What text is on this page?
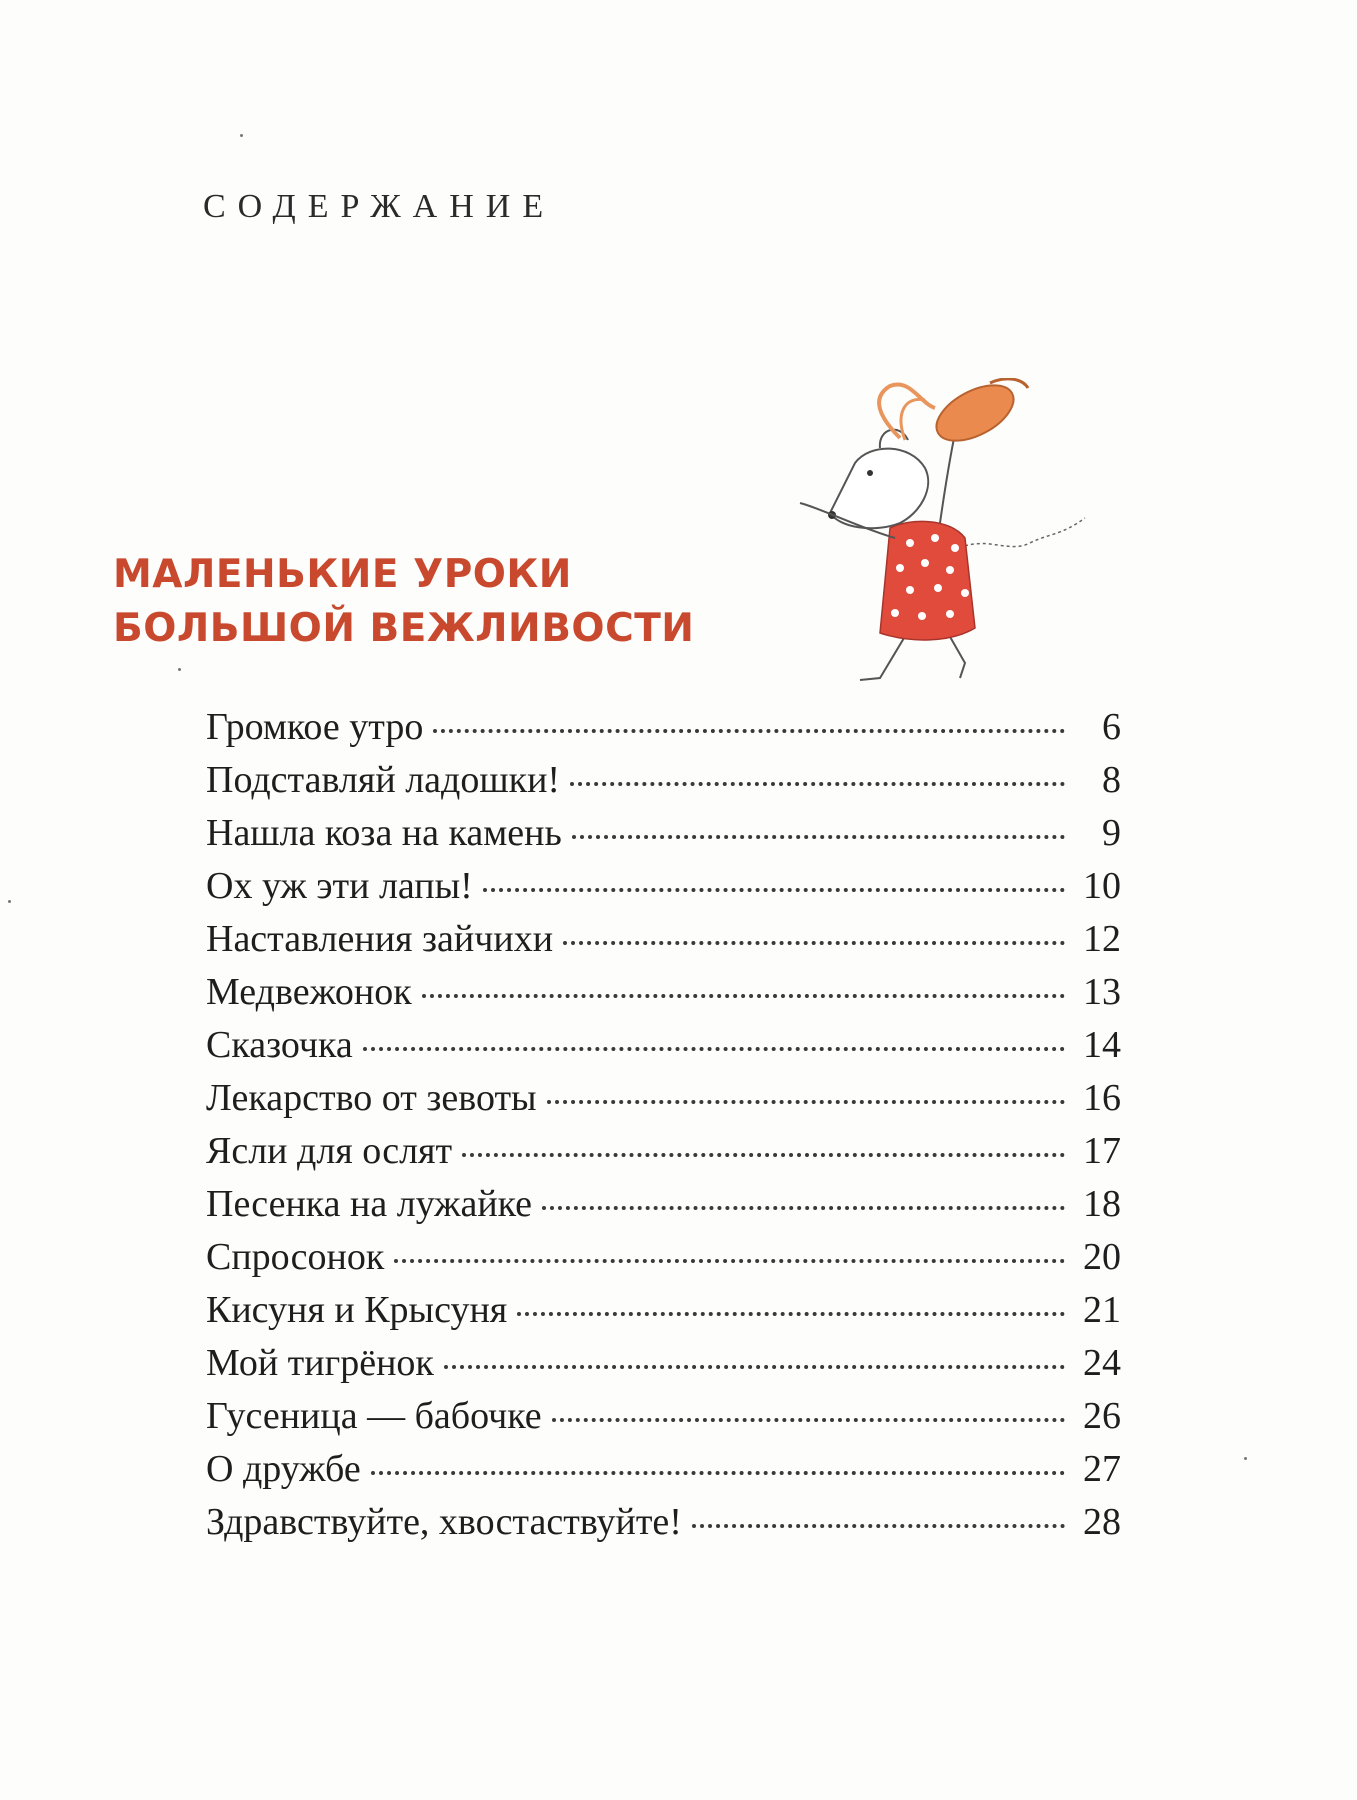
СОДЕРЖАНИЕ
МАЛЕНЬКИЕ УРОКИ
БОЛЬШОЙ ВЕЖЛИВОСТИ
Громкое утро	6
Подставляй ладошки!	8
Нашла коза на камень	9
Ох уж эти лапы!	10
Наставления зайчихи	12
Медвежонок	13
Сказочка	14
Лекарство от зевоты	16
Ясли для ослят	17
Песенка на лужайке	18
Спросонок	20
Кисуня и Крысуня	21
Мой тигрёнок	24
Гусеница — бабочке	26
О дружбе	27
Здравствуйте, хвостаствуйте!	28
